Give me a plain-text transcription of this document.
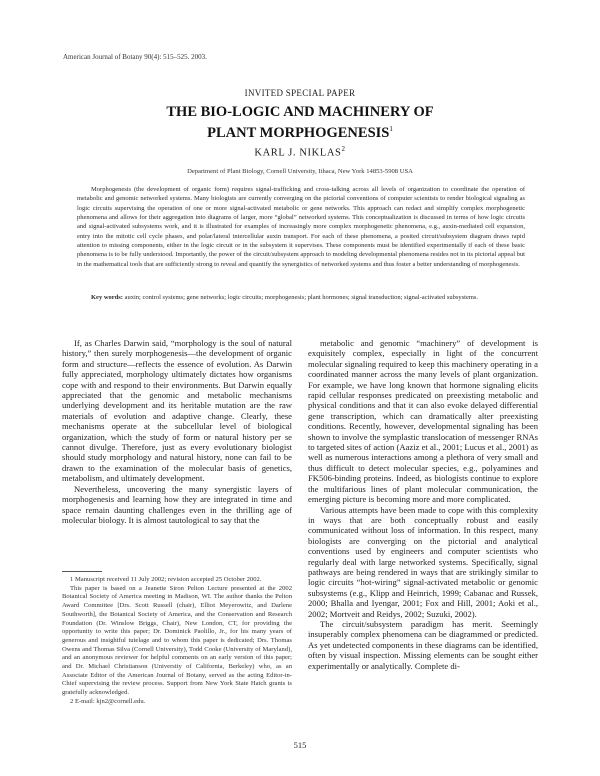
American Journal of Botany 90(4): 515–525. 2003.
INVITED SPECIAL PAPER
THE BIO-LOGIC AND MACHINERY OF
PLANT MORPHOGENESIS$^1$
KARL J. NIKLAS$^2$
Department of Plant Biology, Cornell University, Ithaca, New York 14853-5908 USA
Morphogenesis (the development of organic form) requires signal-trafficking and cross-talking across all levels of organization to coordinate the operation of metabolic and genomic networked systems. Many biologists are currently converging on the pictorial conventions of computer scientists to render biological signaling as logic circuits supervising the operation of one or more signal-activated metabolic or gene networks. This approach can redact and simplify complex morphogenetic phenomena and allows for their aggregation into diagrams of larger, more “global” networked systems. This conceptualization is discussed in terms of how logic circuits and signal-activated subsystems work, and it is illustrated for examples of increasingly more complex morphogenetic phenomena, e.g., auxin-mediated cell expansion, entry into the mitotic cell cycle phases, and polar/lateral intercellular auxin transport. For each of these phenomena, a posited circuit/subsystem diagram draws rapid attention to missing components, either in the logic circuit or in the subsystem it supervises. These components must be identified experimentally if each of these basic phenomena is to be fully understood. Importantly, the power of the circuit/subsystem approach to modeling developmental phenomena resides not in its pictorial appeal but in the mathematical tools that are sufficiently strong to reveal and quantify the synergistics of networked systems and thus foster a better understanding of morphogenesis.
Key words: auxin; control systems; gene networks; logic circuits; morphogenesis; plant hormones; signal transduction; signal-activated subsystems.

If, as Charles Darwin said, “morphology is the soul of natural history,” then surely morphogenesis—the development of organic form and structure—reflects the essence of evolution. As Darwin fully appreciated, morphology ultimately dictates how organisms cope with and respond to their environments. But Darwin equally appreciated that the genomic and metabolic mechanisms underlying development and its heritable mutation are the raw materials of evolution and adaptive change. Clearly, these mechanisms operate at the subcellular level of biological organization, which the study of form or natural history per se cannot divulge. Therefore, just as every evolutionary biologist should study morphology and natural history, none can fail to be drawn to the examination of the molecular basis of genetics, metabolism, and ultimately development.

Nevertheless, uncovering the many synergistic layers of morphogenesis and learning how they are integrated in time and space remain daunting challenges even in the thrilling age of molecular biology. It is almost tautological to say that the

1 Manuscript received 11 July 2002; revision accepted 25 October 2002.

This paper is based on a Jeanette Siron Pelton Lecture presented at the 2002 Botanical Society of America meeting in Madison, WI. The author thanks the Pelton Award Committee [Drs. Scott Russell (chair), Elliot Meyerowitz, and Darlene Southworth], the Botanical Society of America, and the Conservation and Research Foundation (Dr. Winslow Briggs, Chair), New London, CT, for providing the opportunity to write this paper; Dr. Dominick Paolillo, Jr., for his many years of generous and insightful tutelage and to whom this paper is dedicated; Drs. Thomas Owens and Thomas Silva (Cornell University), Todd Cooke (University of Maryland), and an anonymous reviewer for helpful comments on an early version of this paper; and Dr. Michael Christianson (University of California, Berkeley) who, as an Associate Editor of the American Journal of Botany, served as the acting Editor-in-Chief supervising the review process. Support from New York State Hatch grants is gratefully acknowledged.

2 E-mail: kjn2@cornell.edu.

metabolic and genomic “machinery” of development is exquisitely complex, especially in light of the concurrent molecular signaling required to keep this machinery operating in a coordinated manner across the many levels of plant organization. For example, we have long known that hormone signaling elicits rapid cellular responses predicated on preexisting metabolic and physical conditions and that it can also evoke delayed differential gene transcription, which can dramatically alter preexisting conditions. Recently, however, developmental signaling has been shown to involve the symplastic translocation of messenger RNAs to targeted sites of action (Aaziz et al., 2001; Lucus et al., 2001) as well as numerous interactions among a plethora of very small and thus difficult to detect molecular species, e.g., polyamines and FK506-binding proteins. Indeed, as biologists continue to explore the multifarious lines of plant molecular communication, the emerging picture is becoming more and more complicated.

Various attempts have been made to cope with this complexity in ways that are both conceptually robust and easily communicated without loss of information. In this respect, many biologists are converging on the pictorial and analytical conventions used by engineers and computer scientists who regularly deal with large networked systems. Specifically, signal pathways are being rendered in ways that are strikingly similar to logic circuits “hot-wiring” signal-activated metabolic or genomic subsystems (e.g., Klipp and Heinrich, 1999; Cabanac and Russek, 2000; Bhalla and Iyengar, 2001; Fox and Hill, 2001; Aoki et al., 2002; Mortveit and Reidys, 2002; Suzuki, 2002).

The circuit/subsystem paradigm has merit. Seemingly insuperably complex phenomena can be diagrammed or predicted. As yet undetected components in these diagrams can be identified, often by visual inspection. Missing elements can be sought either experimentally or analytically. Complete di-

515
